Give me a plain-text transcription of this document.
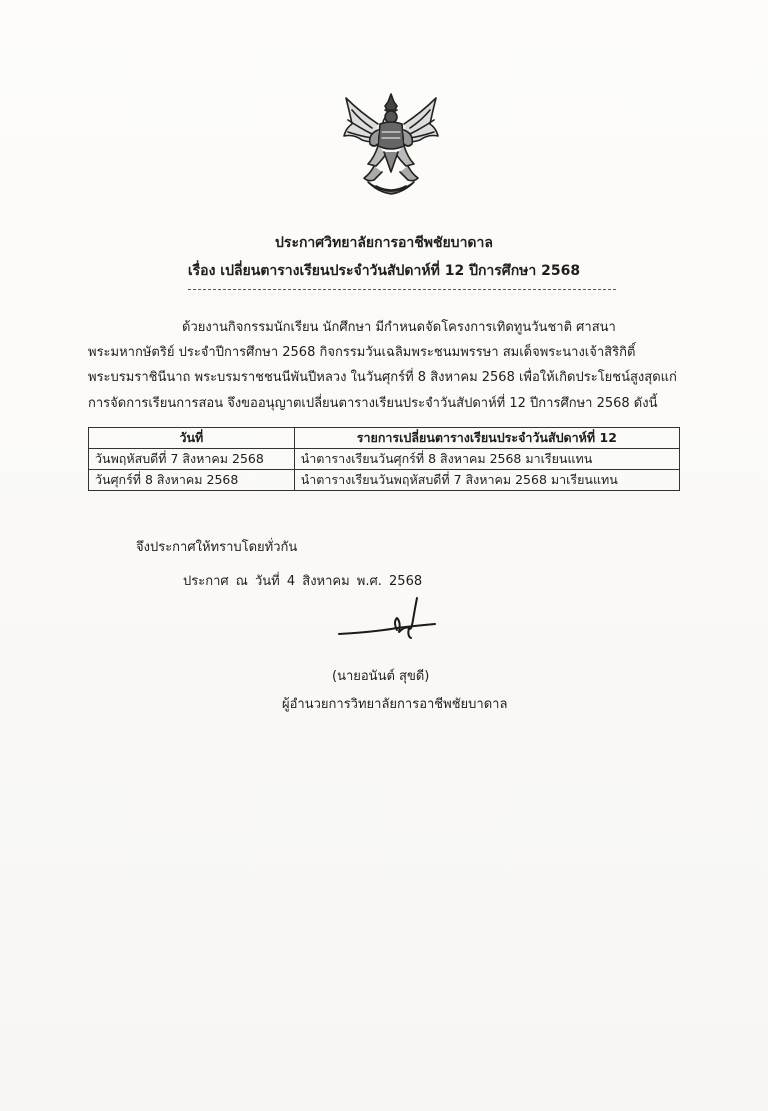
ประกาศวิทยาลัยการอาชีพชัยบาดาล
เรื่อง เปลี่ยนตารางเรียนประจำวันสัปดาห์ที่ 12 ปีการศึกษา 2568
ด้วยงานกิจกรรมนักเรียน นักศึกษา มีกำหนดจัดโครงการเทิดทูนวันชาติ ศาสนา
พระมหากษัตริย์ ประจำปีการศึกษา 2568 กิจกรรมวันเฉลิมพระชนมพรรษา สมเด็จพระนางเจ้าสิริกิติ์
พระบรมราชินีนาถ พระบรมราชชนนีพันปีหลวง ในวันศุกร์ที่ 8 สิงหาคม 2568 เพื่อให้เกิดประโยชน์สูงสุดแก่
การจัดการเรียนการสอน จึงขออนุญาตเปลี่ยนตารางเรียนประจำวันสัปดาห์ที่ 12 ปีการศึกษา 2568 ดังนี้
วันที่	รายการเปลี่ยนตารางเรียนประจำวันสัปดาห์ที่ 12
วันพฤหัสบดีที่ 7 สิงหาคม 2568	นำตารางเรียนวันศุกร์ที่ 8 สิงหาคม 2568 มาเรียนแทน
วันศุกร์ที่ 8 สิงหาคม 2568	นำตารางเรียนวันพฤหัสบดีที่ 7 สิงหาคม 2568 มาเรียนแทน
จึงประกาศให้ทราบโดยทั่วกัน
ประกาศ ณ วันที่ 4 สิงหาคม พ.ศ. 2568
(นายอนันต์ สุขดี)
ผู้อำนวยการวิทยาลัยการอาชีพชัยบาดาล
